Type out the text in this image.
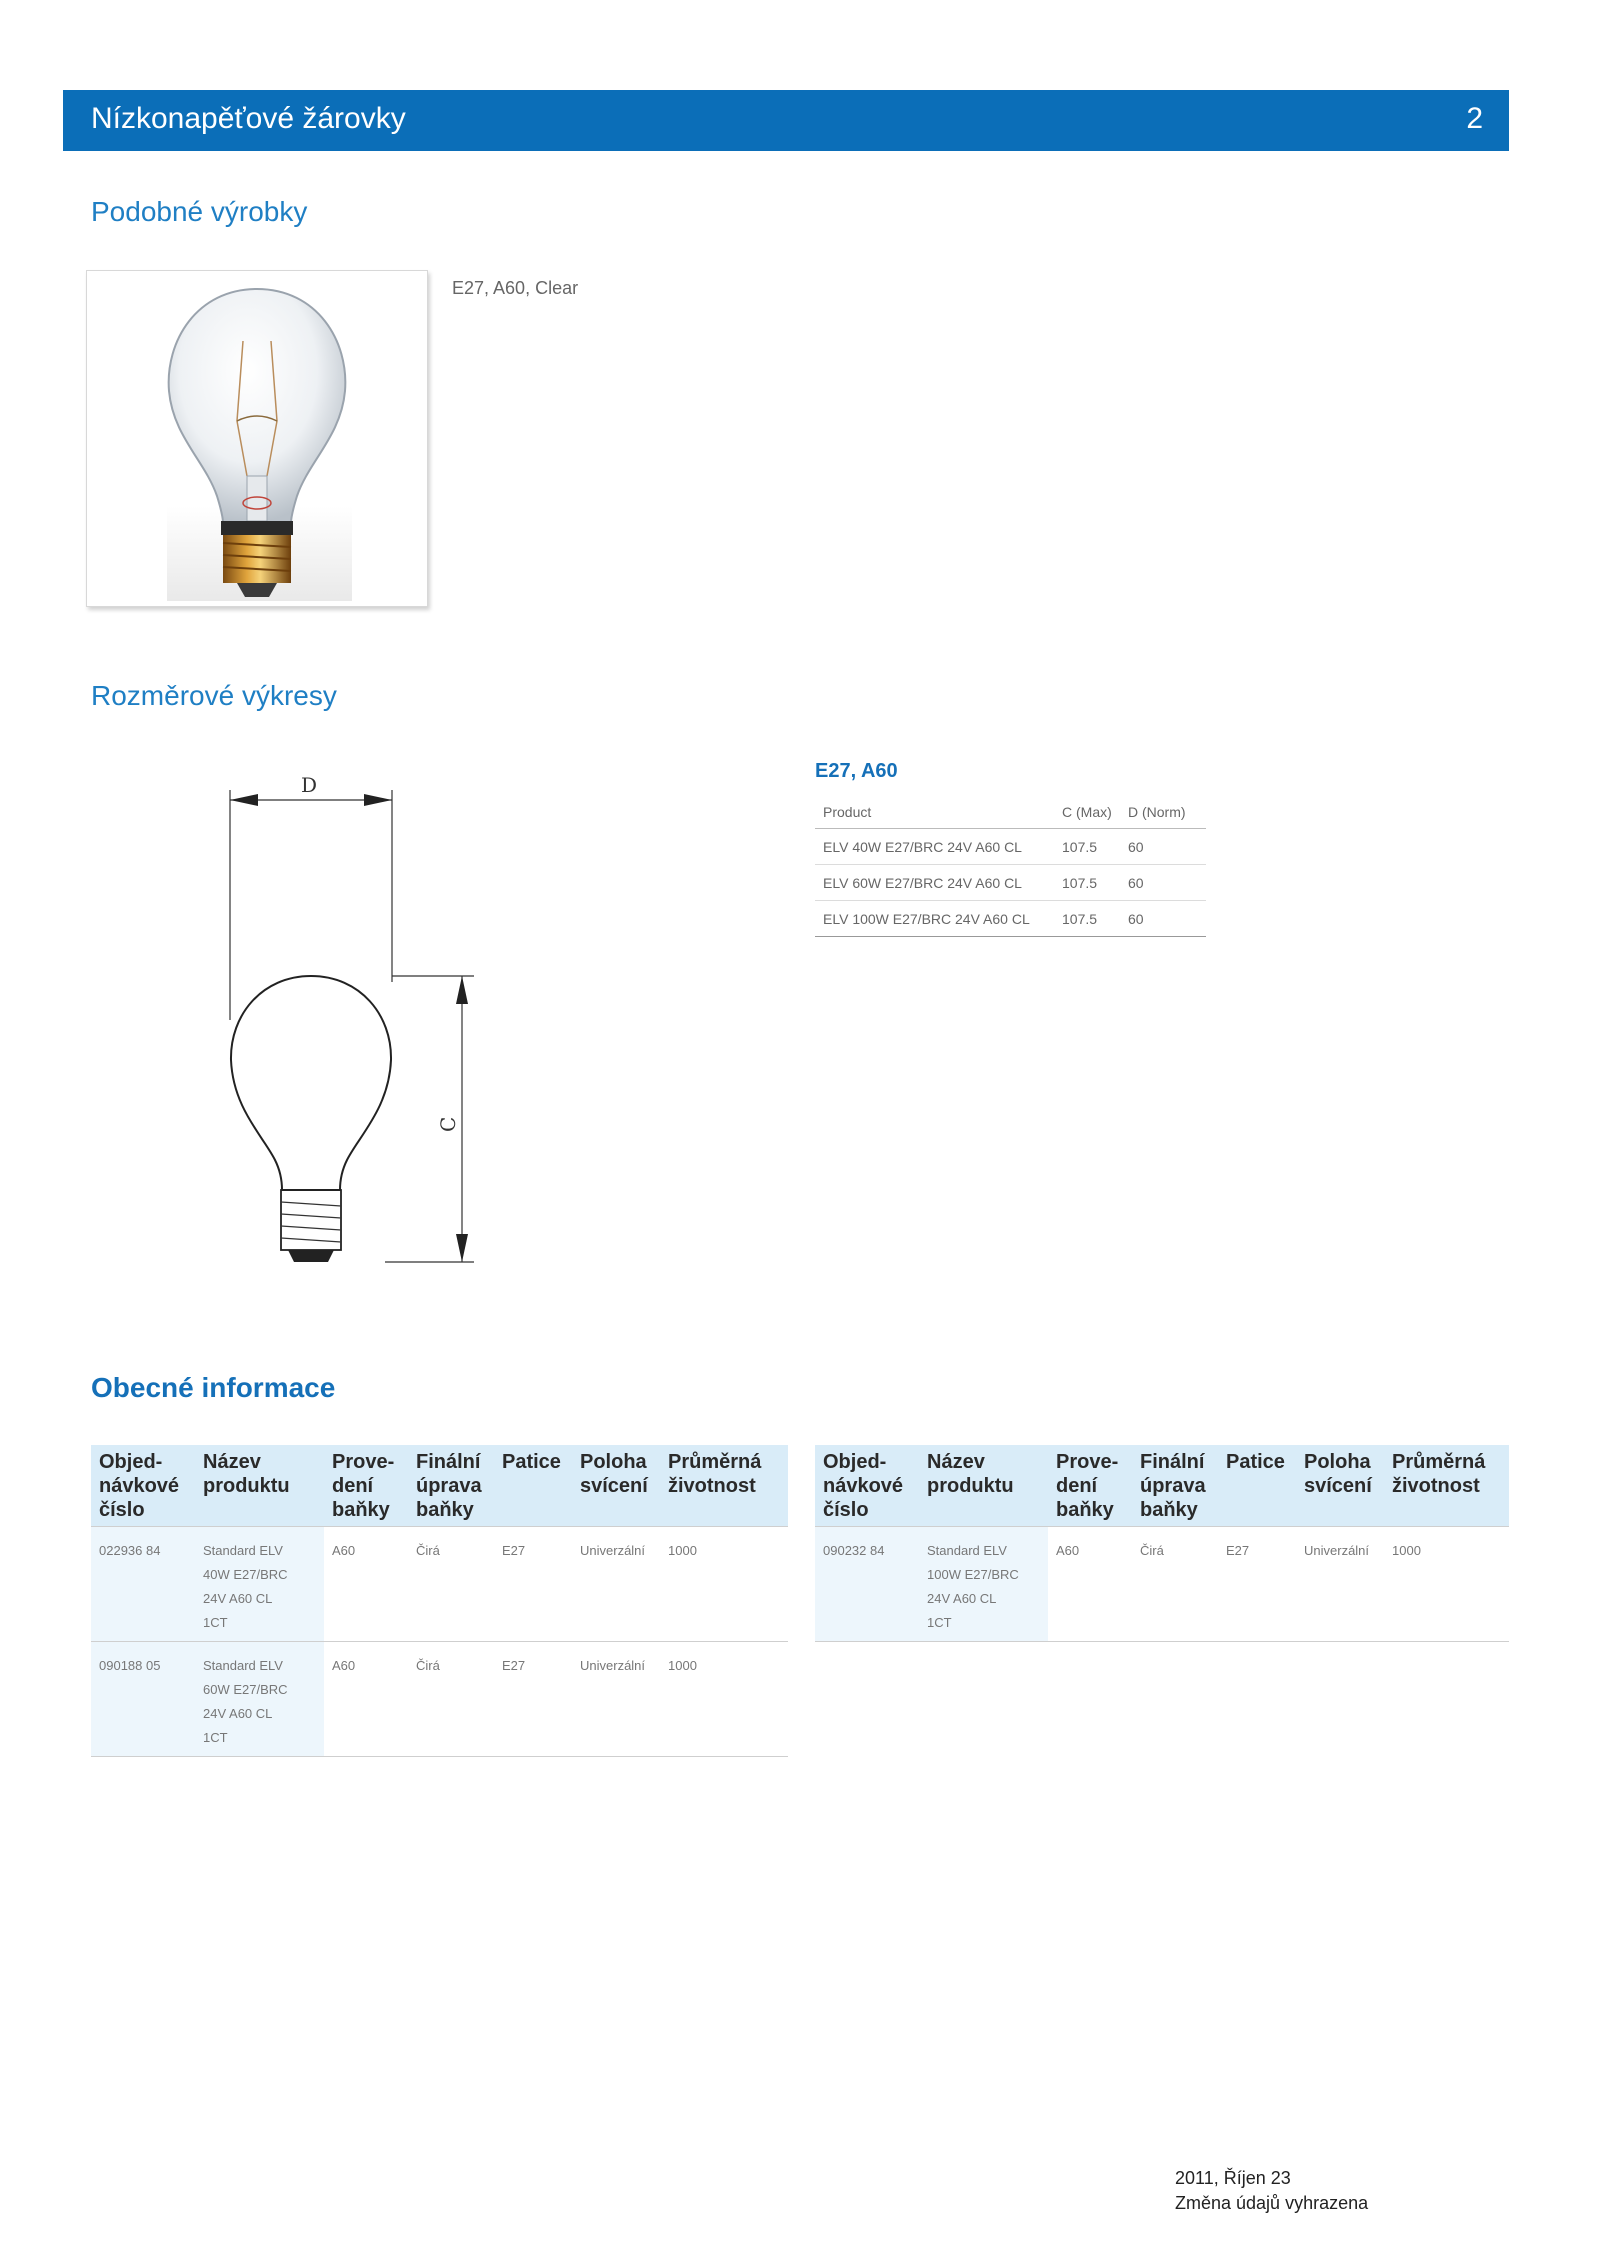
Nízkonapěťové žárovky	2
Podobné výrobky
E27, A60, Clear
Rozměrové výkresy
D
C
E27, A60
Product	C (Max)	D (Norm)
ELV 40W E27/BRC 24V A60 CL	107.5	60
ELV 60W E27/BRC 24V A60 CL	107.5	60
ELV 100W E27/BRC 24V A60 CL	107.5	60
Obecné informace
Objed-
návkové
číslo	Název
produktu	Prove-
dení
baňky	Finální
úprava
baňky	Patice	Poloha
svícení	Průměrná
životnost
022936 84	Standard ELV
40W E27/BRC
24V A60 CL
1CT	A60	Čirá	E27	Univerzální	1000
090188 05	Standard ELV
60W E27/BRC
24V A60 CL
1CT	A60	Čirá	E27	Univerzální	1000
Objed-
návkové
číslo	Název
produktu	Prove-
dení
baňky	Finální
úprava
baňky	Patice	Poloha
svícení	Průměrná
životnost
090232 84	Standard ELV
100W E27/BRC
24V A60 CL
1CT	A60	Čirá	E27	Univerzální	1000
2011, Říjen 23
Změna údajů vyhrazena
